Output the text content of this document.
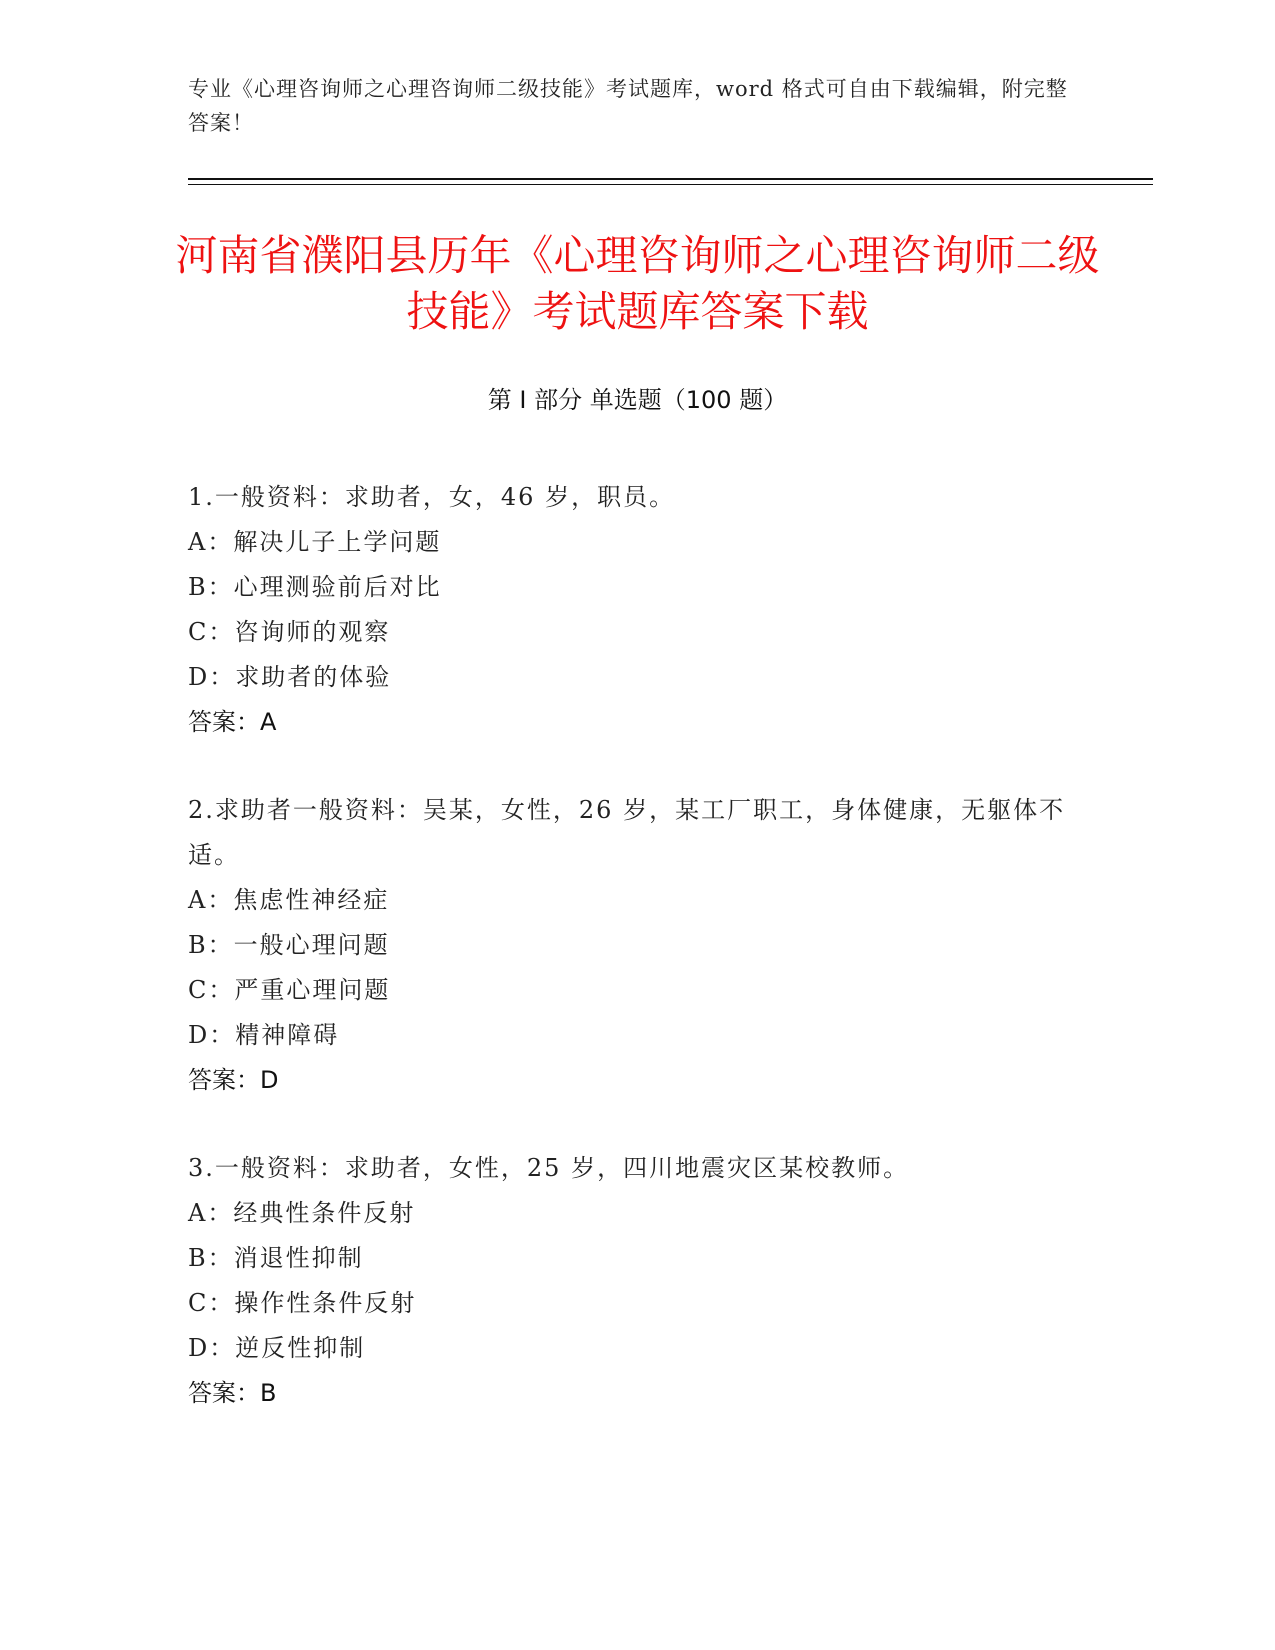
专业《心理咨询师之心理咨询师二级技能》考试题库，word 格式可自由下载编辑，附完整答案！
河南省濮阳县历年《心理咨询师之心理咨询师二级技能》考试题库答案下载
第 I 部分 单选题（100 题）
1.一般资料：求助者，女，46 岁，职员。
A：解决儿子上学问题
B：心理测验前后对比
C：咨询师的观察
D：求助者的体验
答案：A
2.求助者一般资料：吴某，女性，26 岁，某工厂职工，身体健康，无躯体不适。
A：焦虑性神经症
B：一般心理问题
C：严重心理问题
D：精神障碍
答案：D
3.一般资料：求助者，女性，25 岁，四川地震灾区某校教师。
A：经典性条件反射
B：消退性抑制
C：操作性条件反射
D：逆反性抑制
答案：B
